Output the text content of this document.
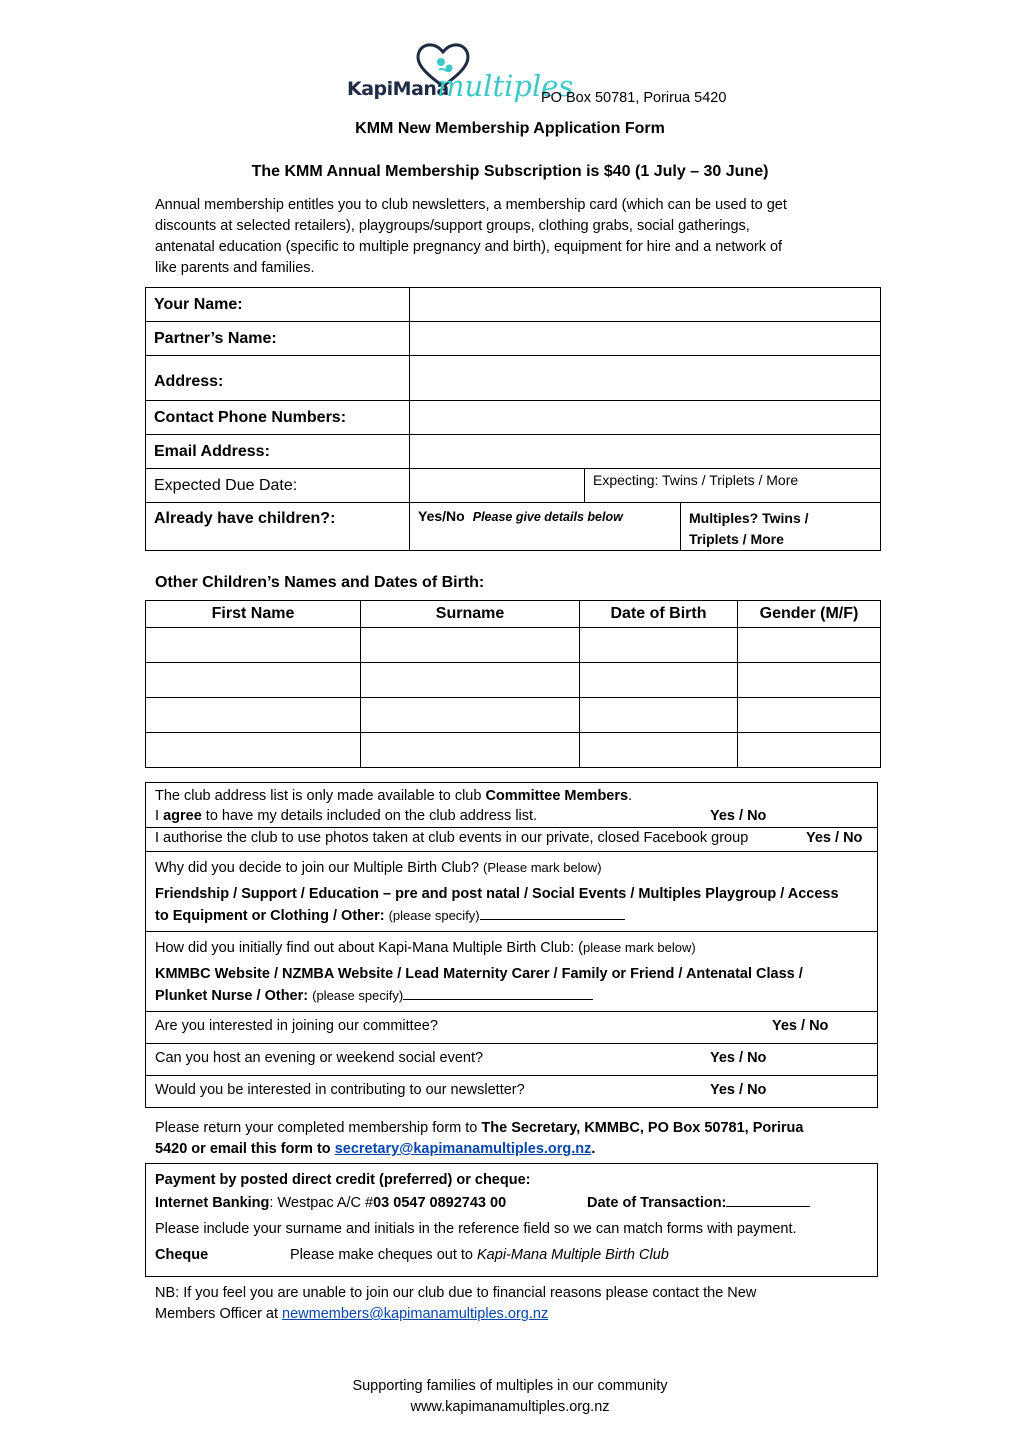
KapiMana
multiples
PO Box 50781, Porirua 5420
KMM New Membership Application Form
The KMM Annual Membership Subscription is $40 (1 July – 30 June)
Annual membership entitles you to club newsletters, a membership card (which can be used to get
discounts at selected retailers), playgroups/support groups, clothing grabs, social gatherings,
antenatal education (specific to multiple pregnancy and birth), equipment for hire and a network of
like parents and families.
Your Name:			
Partner’s Name:			
Address:			
Contact Phone Numbers:			
Email Address:			
Expected Due Date:		Expecting: Twins / Triplets / More	
Already have children?:	Yes/No Please give details below		Multiples? Twins /
Triplets / More
Other Children’s Names and Dates of Birth:
First Name	Surname	Date of Birth	Gender (M/F)

The club address list is only made available to club Committee Members.
I agree to have my details included on the club address list.	Yes / No
I authorise the club to use photos taken at club events in our private, closed Facebook group	Yes / No
Why did you decide to join our Multiple Birth Club? (Please mark below)
Friendship / Support / Education – pre and post natal / Social Events / Multiples Playgroup / Access
to Equipment or Clothing / Other: (please specify)
How did you initially find out about Kapi-Mana Multiple Birth Club: (please mark below)
KMMBC Website / NZMBA Website / Lead Maternity Carer / Family or Friend / Antenatal Class /
Plunket Nurse / Other: (please specify)
Are you interested in joining our committee?	Yes / No
Can you host an evening or weekend social event?	Yes / No
Would you be interested in contributing to our newsletter?	Yes / No
Please return your completed membership form to The Secretary, KMMBC, PO Box 50781, Porirua
5420 or email this form to secretary@kapimanamultiples.org.nz.
Payment by posted direct credit (preferred) or cheque:
Internet Banking: Westpac A/C #03 0547 0892743 00	Date of Transaction:
Please include your surname and initials in the reference field so we can match forms with payment.
Cheque	Please make cheques out to Kapi-Mana Multiple Birth Club
NB: If you feel you are unable to join our club due to financial reasons please contact the New
Members Officer at newmembers@kapimanamultiples.org.nz
Supporting families of multiples in our community
www.kapimanamultiples.org.nz
